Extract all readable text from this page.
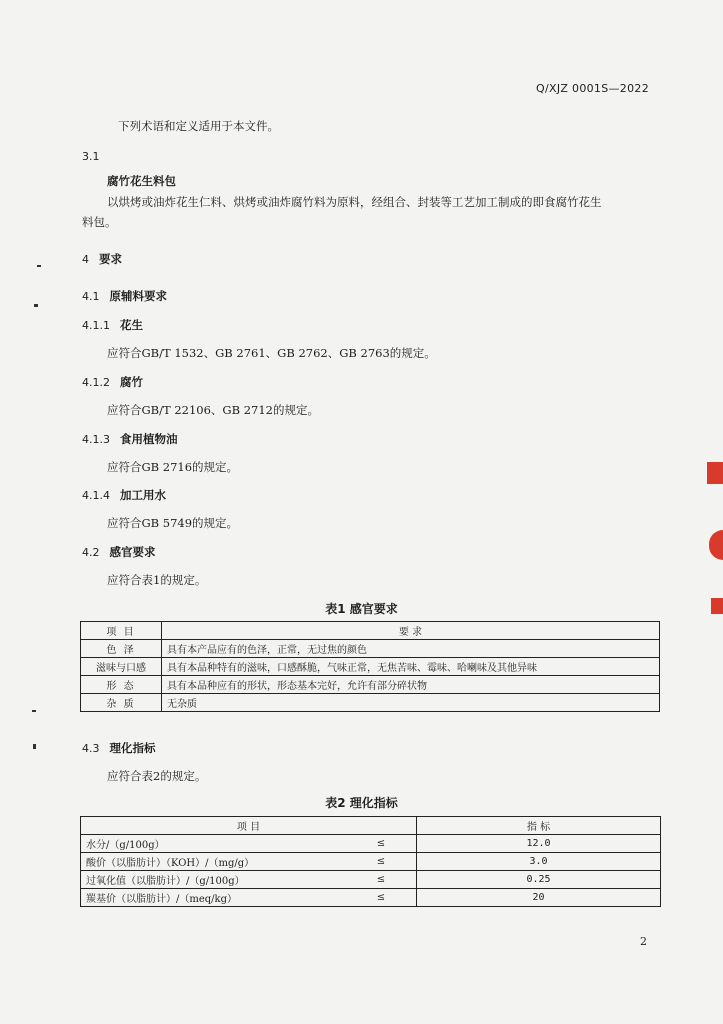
Q/XJZ 0001S—2022
下列术语和定义适用于本文件。
3.1
腐竹花生料包
以烘烤或油炸花生仁料、烘烤或油炸腐竹料为原料，经组合、封装等工艺加工制成的即食腐竹花生
料包。
4 要求
4.1 原辅料要求
4.1.1 花生
应符合GB/T 1532、GB 2761、GB 2762、GB 2763的规定。
4.1.2 腐竹
应符合GB/T 22106、GB 2712的规定。
4.1.3 食用植物油
应符合GB 2716的规定。
4.1.4 加工用水
应符合GB 5749的规定。
4.2 感官要求
应符合表1的规定。
表1 感官要求
项 目	要 求
色 泽	具有本产品应有的色泽，正常，无过焦的颜色
滋味与口感	具有本品种特有的滋味，口感酥脆，气味正常，无焦苦味、霉味、哈喇味及其他异味
形 态	具有本品种应有的形状，形态基本完好，允许有部分碎状物
杂 质	无杂质
4.3 理化指标
应符合表2的规定。
表2 理化指标
项 目		指 标
水分/（g/100g）	≤	12.0
酸价（以脂肪计）（KOH）/（mg/g）	≤	3.0
过氧化值（以脂肪计）/（g/100g）	≤	0.25
羰基价（以脂肪计）/（meq/kg）	≤	20
2
